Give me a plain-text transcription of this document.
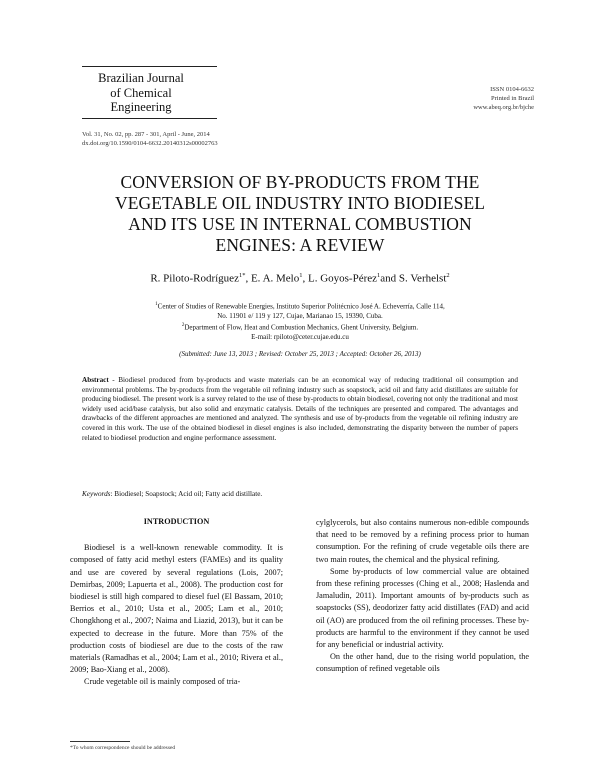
Brazilian Journal
of Chemical
Engineering
ISSN 0104-6632
Printed in Brazil
www.abeq.org.br/bjche
Vol. 31, No. 02, pp. 287 - 301, April - June, 2014
dx.doi.org/10.1590/0104-6632.20140312s00002763
CONVERSION OF BY-PRODUCTS FROM THE
VEGETABLE OIL INDUSTRY INTO BIODIESEL
AND ITS USE IN INTERNAL COMBUSTION
ENGINES: A REVIEW
R. Piloto-Rodríguez$^{1*}$, E. A. Melo$^1$, L. Goyos-Pérez$^1$and S. Verhelst$^2$
$^1$Center of Studies of Renewable Energies, Instituto Superior Politécnico José A. Echeverría, Calle 114,
No. 11901 e/ 119 y 127, Cujae, Marianao 15, 19390, Cuba.
$^2$Department of Flow, Heat and Combustion Mechanics, Ghent University, Belgium.
E-mail: rpiloto@ceter.cujae.edu.cu
(Submitted: June 13, 2013 ; Revised: October 25, 2013 ; Accepted: October 26, 2013)
Abstract - Biodiesel produced from by-products and waste materials can be an economical way of reducing traditional oil consumption and environmental problems. The by-products from the vegetable oil refining industry such as soapstock, acid oil and fatty acid distillates are suitable for producing biodiesel. The present work is a survey related to the use of these by-products to obtain biodiesel, covering not only the traditional and most widely used acid/base catalysis, but also solid and enzymatic catalysis. Details of the techniques are presented and compared. The advantages and drawbacks of the different approaches are mentioned and analyzed. The synthesis and use of by-products from the vegetable oil refining industry are covered in this work. The use of the obtained biodiesel in diesel engines is also included, demonstrating the disparity between the number of papers related to biodiesel production and engine performance assessment.
Keywords: Biodiesel; Soapstock; Acid oil; Fatty acid distillate.

INTRODUCTION

Biodiesel is a well-known renewable commodity. It is composed of fatty acid methyl esters (FAMEs) and its quality and use are covered by several regulations (Lois, 2007; Demirbas, 2009; Lapuerta et al., 2008). The production cost for biodiesel is still high compared to diesel fuel (El Bassam, 2010; Berrios et al., 2010; Usta et al., 2005; Lam et al., 2010; Chongkhong et al., 2007; Naima and Liazid, 2013), but it can be expected to decrease in the future. More than 75% of the production costs of biodiesel are due to the costs of the raw materials (Ramadhas et al., 2004; Lam et al., 2010; Rivera et al., 2009; Bao-Xiang et al., 2008).

Crude vegetable oil is mainly composed of tria-

cylglycerols, but also contains numerous non-edible compounds that need to be removed by a refining process prior to human consumption. For the refining of crude vegetable oils there are two main routes, the chemical and the physical refining.

Some by-products of low commercial value are obtained from these refining processes (Ching et al., 2008; Haslenda and Jamaludin, 2011). Important amounts of by-products such as soapstocks (SS), deodorizer fatty acid distillates (FAD) and acid oil (AO) are produced from the oil refining processes. These by-products are harmful to the environment if they cannot be used for any beneficial or industrial activity.

On the other hand, due to the rising world population, the consumption of refined vegetable oils

*To whom correspondence should be addressed
